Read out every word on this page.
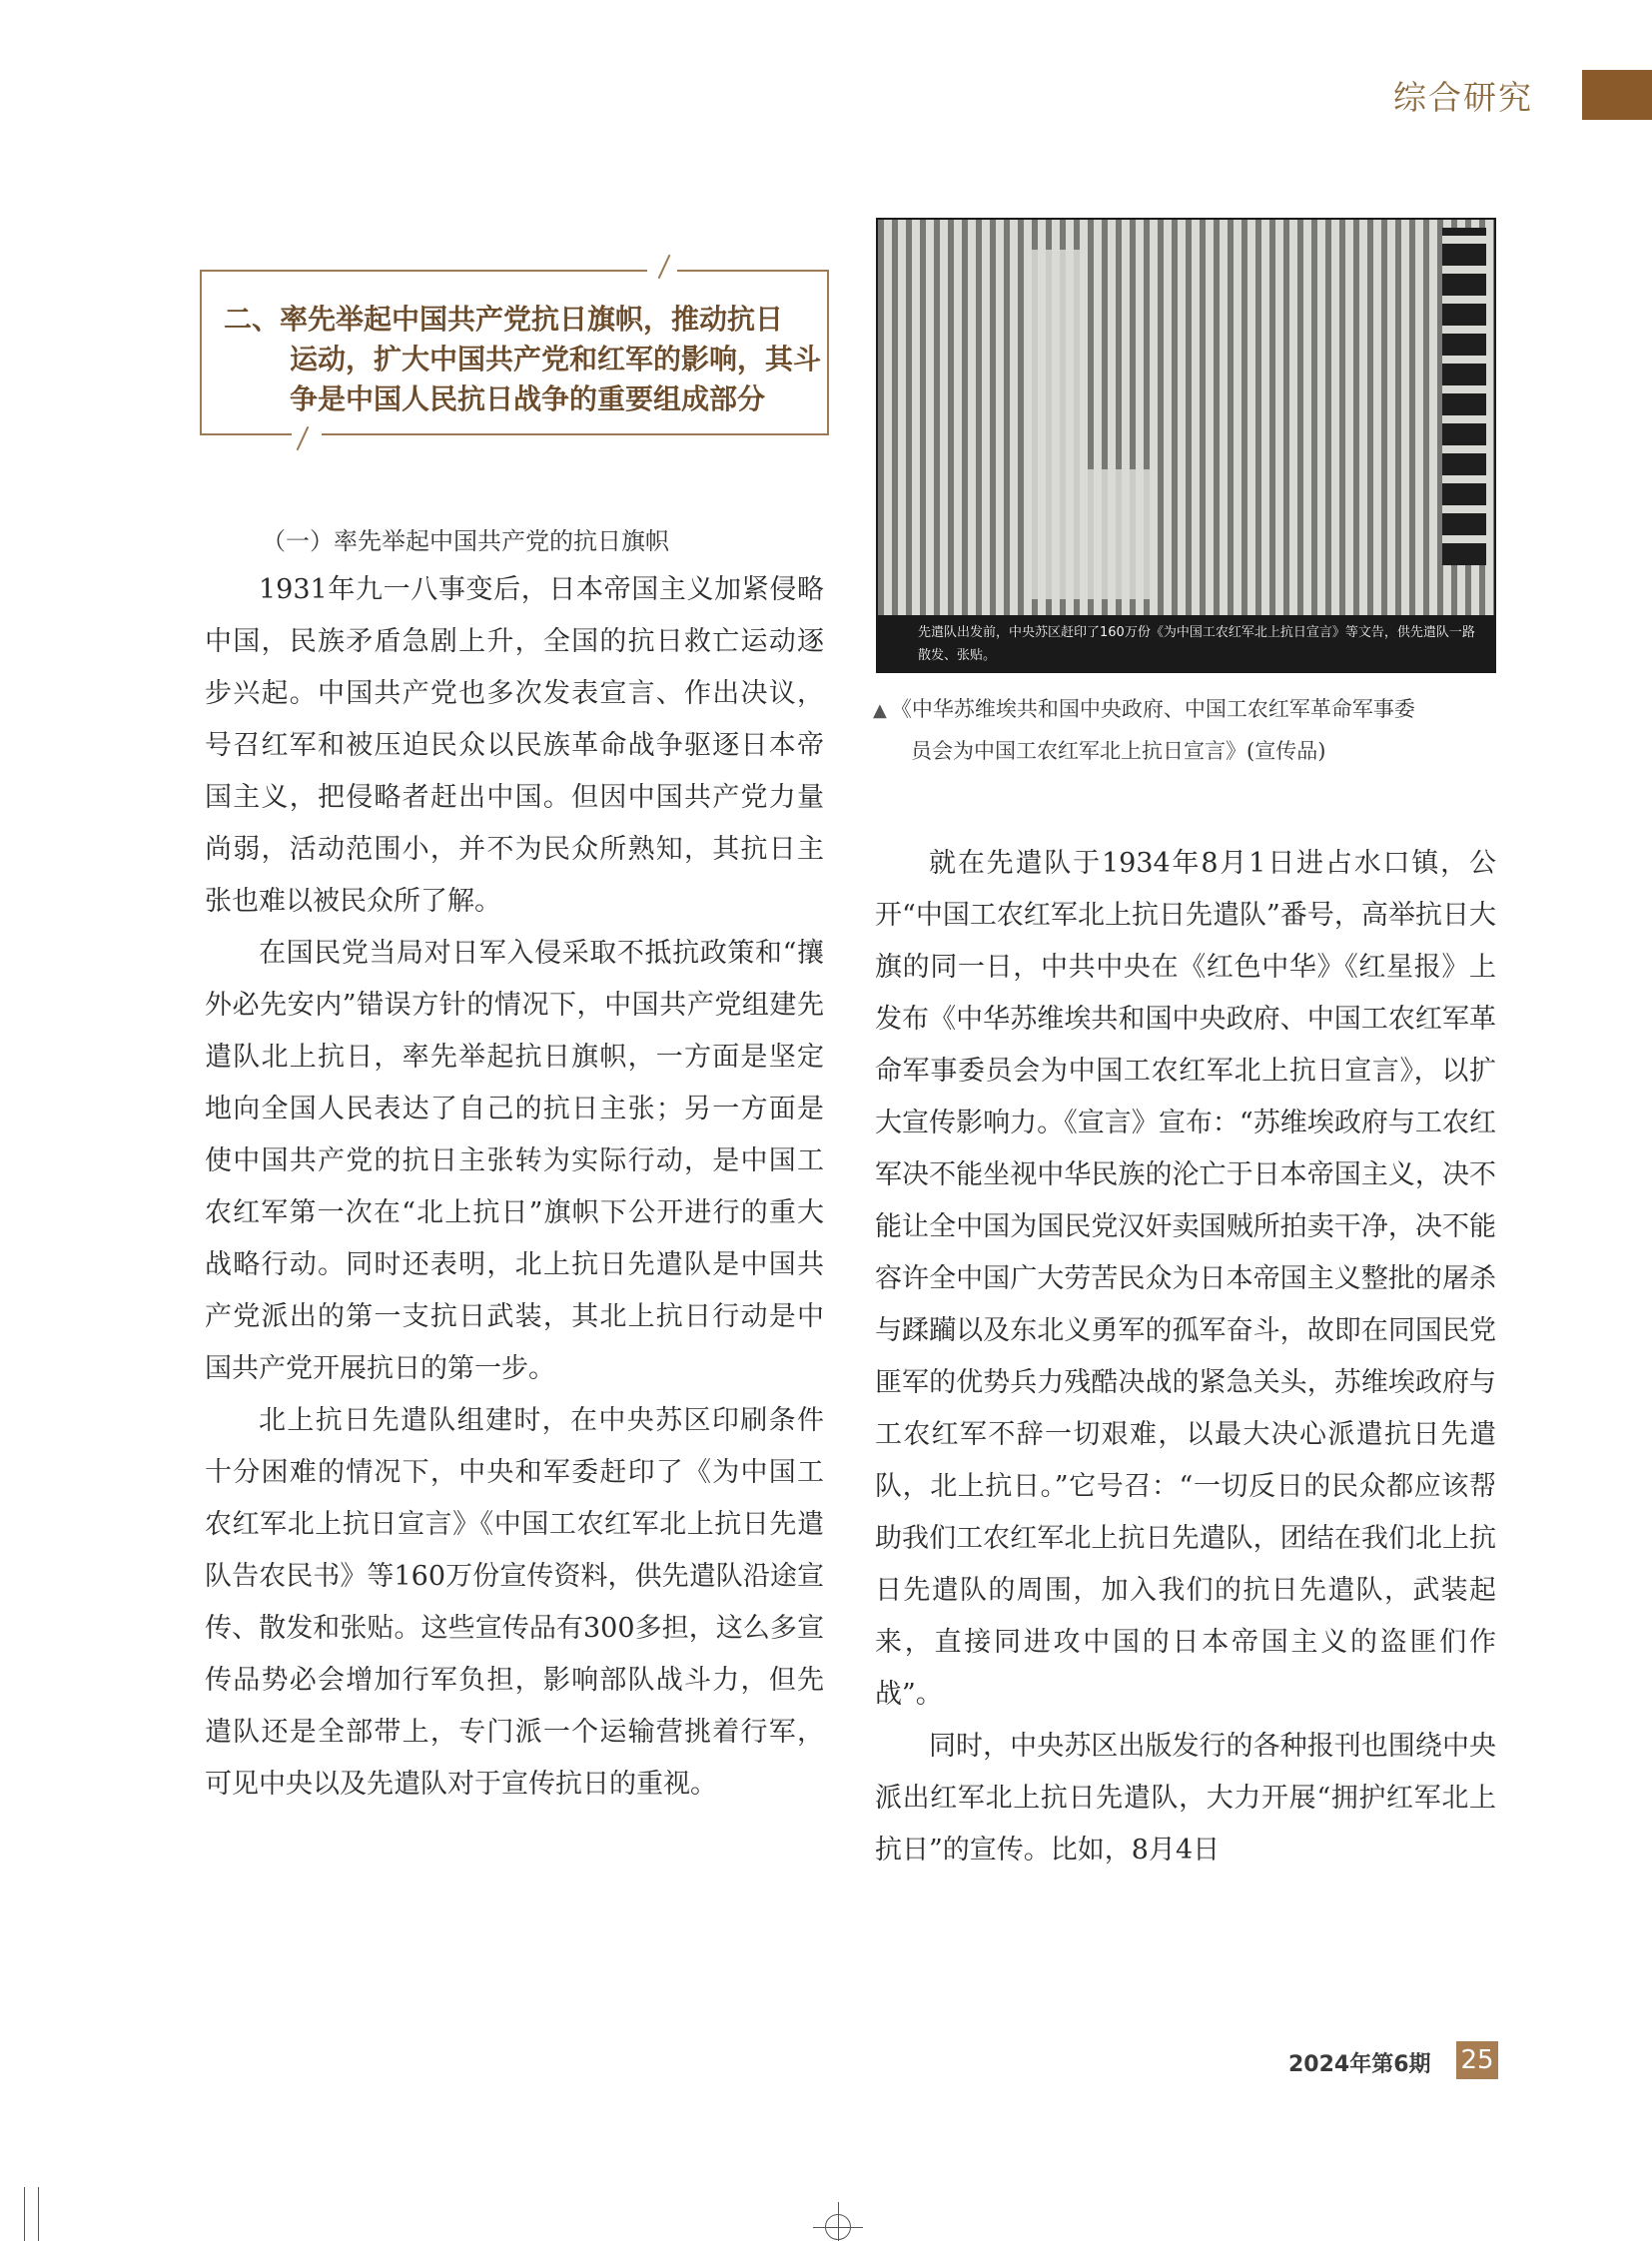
综合研究
二、率先举起中国共产党抗日旗帜，推动抗日
运动，扩大中国共产党和红军的影响，其斗争是中国人民抗日战争的重要组成部分
（一）率先举起中国共产党的抗日旗帜

1931年九一八事变后，日本帝国主义加紧侵略中国，民族矛盾急剧上升，全国的抗日救亡运动逐步兴起。中国共产党也多次发表宣言、作出决议，号召红军和被压迫民众以民族革命战争驱逐日本帝国主义，把侵略者赶出中国。但因中国共产党力量尚弱，活动范围小，并不为民众所熟知，其抗日主张也难以被民众所了解。

在国民党当局对日军入侵采取不抵抗政策和“攘外必先安内”错误方针的情况下，中国共产党组建先遣队北上抗日，率先举起抗日旗帜，一方面是坚定地向全国人民表达了自己的抗日主张；另一方面是使中国共产党的抗日主张转为实际行动，是中国工农红军第一次在“北上抗日”旗帜下公开进行的重大战略行动。同时还表明，北上抗日先遣队是中国共产党派出的第一支抗日武装，其北上抗日行动是中国共产党开展抗日的第一步。

北上抗日先遣队组建时，在中央苏区印刷条件十分困难的情况下，中央和军委赶印了《为中国工农红军北上抗日宣言》《中国工农红军北上抗日先遣队告农民书》等160万份宣传资料，供先遣队沿途宣传、散发和张贴。这些宣传品有300多担，这么多宣传品势必会增加行军负担，影响部队战斗力，但先遣队还是全部带上，专门派一个运输营挑着行军，可见中央以及先遣队对于宣传抗日的重视。

先遣队出发前，中央苏区赶印了160万份《为中国工农红军北上抗日宣言》等文告，供先遣队一路散发、张贴。
▲ 《中华苏维埃共和国中央政府、中国工农红军革命军事委
员会为中国工农红军北上抗日宣言》(宣传品)

就在先遣队于1934年8月1日进占水口镇，公开“中国工农红军北上抗日先遣队”番号，高举抗日大旗的同一日，中共中央在《红色中华》《红星报》上发布《中华苏维埃共和国中央政府、中国工农红军革命军事委员会为中国工农红军北上抗日宣言》，以扩大宣传影响力。《宣言》宣布：“苏维埃政府与工农红军决不能坐视中华民族的沦亡于日本帝国主义，决不能让全中国为国民党汉奸卖国贼所拍卖干净，决不能容许全中国广大劳苦民众为日本帝国主义整批的屠杀与蹂躏以及东北义勇军的孤军奋斗，故即在同国民党匪军的优势兵力残酷决战的紧急关头，苏维埃政府与工农红军不辞一切艰难，以最大决心派遣抗日先遣队，北上抗日。”它号召：“一切反日的民众都应该帮助我们工农红军北上抗日先遣队，团结在我们北上抗日先遣队的周围，加入我们的抗日先遣队，武装起来，直接同进攻中国的日本帝国主义的盗匪们作战”。

同时，中央苏区出版发行的各种报刊也围绕中央派出红军北上抗日先遣队，大力开展“拥护红军北上抗日”的宣传。比如，8月4日

2024年第6期 25
